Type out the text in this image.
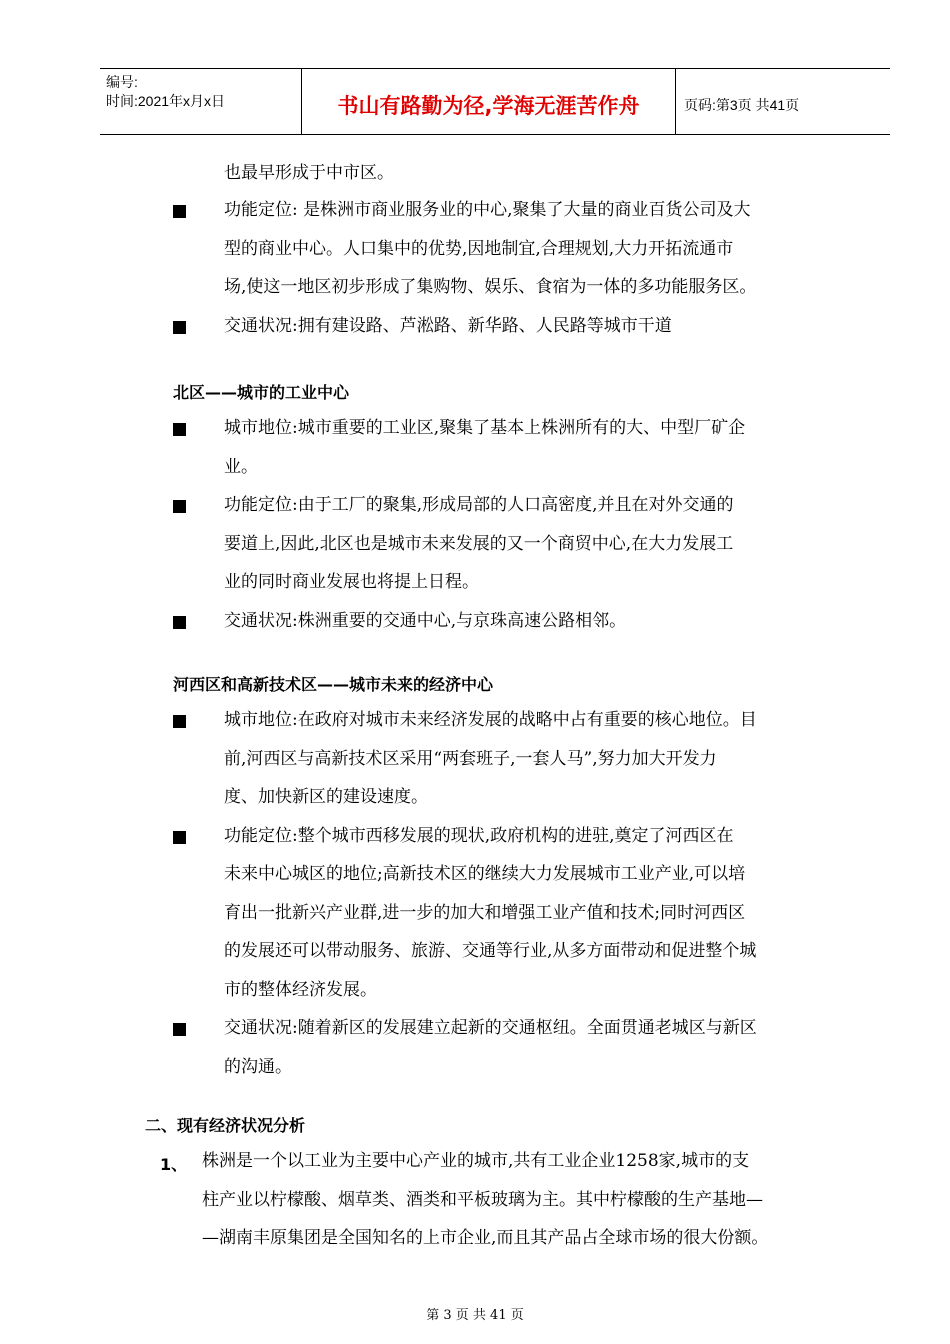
编号:
时间:2021年x月x日	书山有路勤为径,学海无涯苦作舟	页码:第3页 共41页
也最早形成于中市区。
功能定位: 是株洲市商业服务业的中心,聚集了大量的商业百货公司及大
型的商业中心。人口集中的优势,因地制宜,合理规划,大力开拓流通市
场,使这一地区初步形成了集购物、娱乐、食宿为一体的多功能服务区。
交通状况:拥有建设路、芦淞路、新华路、人民路等城市干道
北区——城市的工业中心
城市地位:城市重要的工业区,聚集了基本上株洲所有的大、中型厂矿企
业。
功能定位:由于工厂的聚集,形成局部的人口高密度,并且在对外交通的
要道上,因此,北区也是城市未来发展的又一个商贸中心,在大力发展工
业的同时商业发展也将提上日程。
交通状况:株洲重要的交通中心,与京珠高速公路相邻。
河西区和高新技术区——城市未来的经济中心
城市地位:在政府对城市未来经济发展的战略中占有重要的核心地位。目
前,河西区与高新技术区采用“两套班子,一套人马”,努力加大开发力
度、加快新区的建设速度。
功能定位:整个城市西移发展的现状,政府机构的进驻,奠定了河西区在
未来中心城区的地位;高新技术区的继续大力发展城市工业产业,可以培
育出一批新兴产业群,进一步的加大和增强工业产值和技术;同时河西区
的发展还可以带动服务、旅游、交通等行业,从多方面带动和促进整个城
市的整体经济发展。
交通状况:随着新区的发展建立起新的交通枢纽。全面贯通老城区与新区
的沟通。
二、现有经济状况分析
1、 株洲是一个以工业为主要中心产业的城市,共有工业企业1258家,城市的支
柱产业以柠檬酸、烟草类、酒类和平板玻璃为主。其中柠檬酸的生产基地—
—湖南丰原集团是全国知名的上市企业,而且其产品占全球市场的很大份额。
第 3 页 共 41 页
